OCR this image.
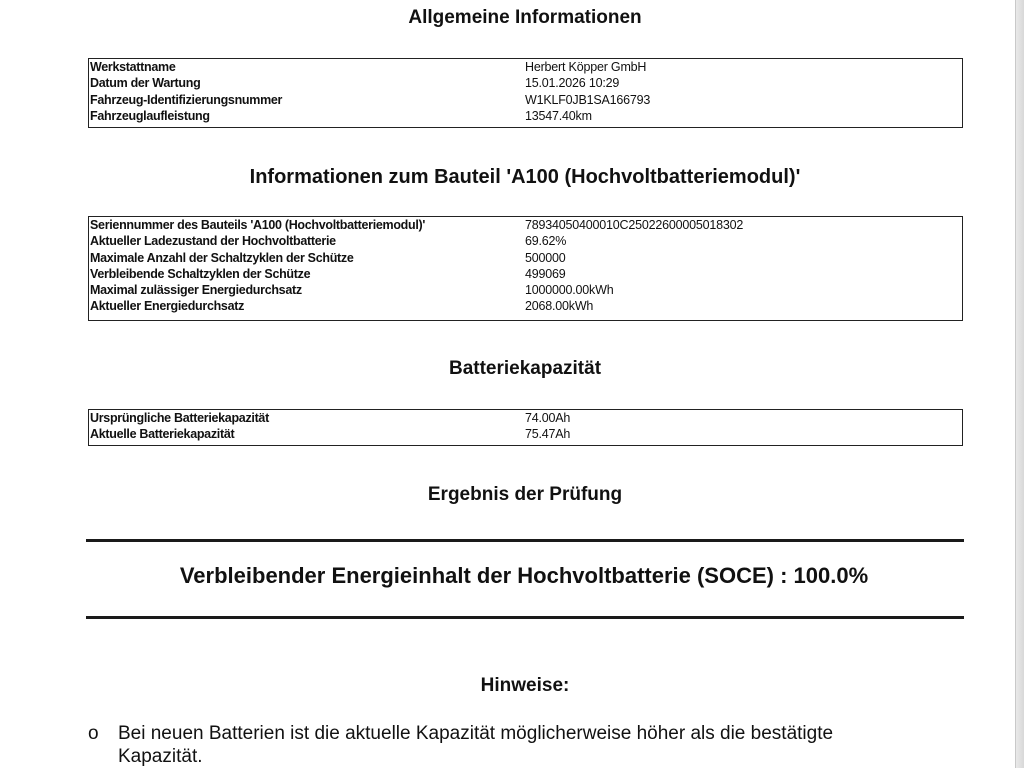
Allgemeine Informationen
Werkstattname	Herbert Köpper GmbH
Datum der Wartung	15.01.2026 10:29
Fahrzeug-Identifizierungsnummer	W1KLF0JB1SA166793
Fahrzeuglaufleistung	13547.40km
Informationen zum Bauteil 'A100 (Hochvoltbatteriemodul)'
Seriennummer des Bauteils 'A100 (Hochvoltbatteriemodul)'	78934050400010C25022600005018302
Aktueller Ladezustand der Hochvoltbatterie	69.62%
Maximale Anzahl der Schaltzyklen der Schütze	500000
Verbleibende Schaltzyklen der Schütze	499069
Maximal zulässiger Energiedurchsatz	1000000.00kWh
Aktueller Energiedurchsatz	2068.00kWh
Batteriekapazität
Ursprüngliche Batteriekapazität	74.00Ah
Aktuelle Batteriekapazität	75.47Ah
Ergebnis der Prüfung
Verbleibender Energieinhalt der Hochvoltbatterie (SOCE) : 100.0%
Hinweise:
o	Bei neuen Batterien ist die aktuelle Kapazität möglicherweise höher als die bestätigte Kapazität.
